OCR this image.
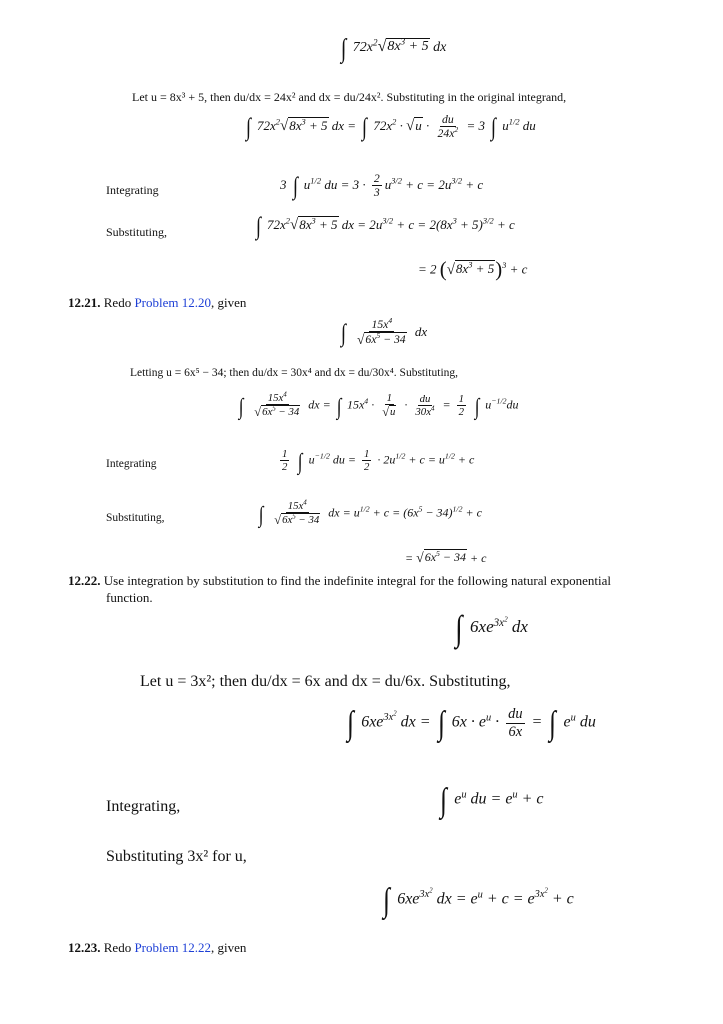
∫ $72x^2$ √ $8x^3 + 5$ dx
Let u = 8x³ + 5, then du/dx = 24x² and dx = du/24x². Substituting in the original integrand,
∫ $72x^2$ √ $8x^3 + 5$ dx = ∫ $72x^2$ · √ $u \cdot \frac{du}{24x^2} = 3$ ∫ $u^{1/2}$ du
Integrating	3 ∫ $u^{1/2}$ du = $3 \cdot \frac{2}{3} u^{3/2} + c = 2u^{3/2} + c$
Substituting,	∫ $72x^2$ √ $8x^3 + 5$ dx = $2u^{3/2} + c = 2(8x^3 + 5)^{3/2} + c$
= 2 ( √ $8x^3 + 5$ )$^3$ + c
12.21. Redo Problem 12.20, given
∫ $\frac{15x^4}{√ 6x^5 - 34}$ dx
Letting u = 6x⁵ − 34; then du/dx = 30x⁴ and dx = du/30x⁴. Substituting,
∫ $\frac{15x^4}{√ 6x^5 - 34}$ dx = ∫ $15x^4 \cdot \frac{1}{√ u} \cdot \frac{du}{30x^4} = \frac{1}{2}$ ∫ $u^{-1/2}du$
Integrating	$\frac{1}{2}$ ∫ $u^{-1/2}$ du = $\frac{1}{2} \cdot 2u^{1/2} + c = u^{1/2} + c$
Substituting,	∫ $\frac{15x^4}{√ 6x^5 - 34}$ dx = $u^{1/2} + c = (6x^5 - 34)^{1/2} + c$
= √ $6x^5 - 34 + c$
12.22. Use integration by substitution to find the indefinite integral for the following natural exponential
function.
∫ $6xe^{3x^2}$ dx
Let u = 3x²; then du/dx = 6x and dx = du/6x. Substituting,
∫ $6xe^{3x^2}$ dx = ∫ $6x \cdot e^u \cdot \frac{du}{6x}$ = ∫ $e^u$ du
Integrating,	∫ $e^u$ du = $e^u + c$
Substituting 3x² for u,
∫ $6xe^{3x^2}$ dx = $e^u + c = e^{3x^2} + c$
12.23. Redo Problem 12.22, given
